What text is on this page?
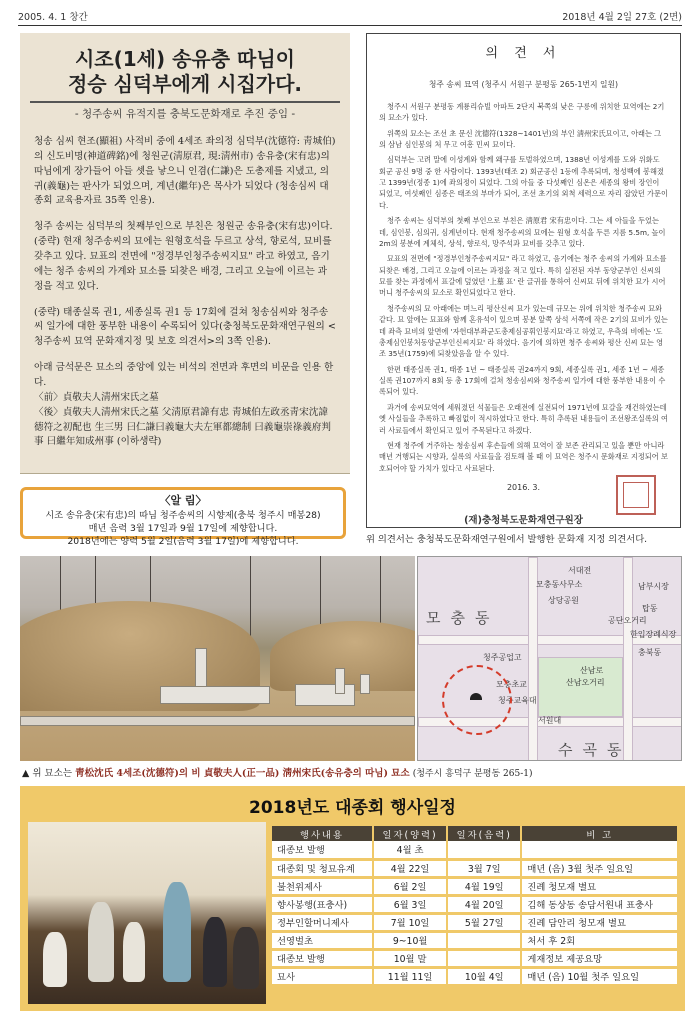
2005. 4. 1 창간	2018년 4월 2일 27호 (2면)
시조(1세) 송유충 따님이
정승 심덕부에게 시집가다.
- 청주송씨 유적지를 충북도문화재로 추진 중임 -

청송 심씨 현조(顯祖) 사적비 중에 4세조 좌의정 심덕부(沈德符: 靑城伯)의 신도비명(神道碑銘)에 청원군(淸原君, 現:淸州市) 송유충(宋有忠)의 따님에게 장가들어 아들 셋을 낳으니 인겸(仁謙)은 도총제를 지냈고, 의귀(義龜)는 판사가 되었으며, 계년(繼年)은 목사가 되었다 (청송심씨 대종회 교육용자료 35쪽 인용).

청주 송씨는 심덕부의 첫째부인으로 부친은 청원군 송유충(宋有忠)이다. (중략) 현재 청주송씨의 묘에는 원형호석을 두르고 상석, 향로석, 묘비를 갖추고 있다. 묘표의 전면에 "정경부인청주송씨지묘" 라고 하였고, 음기에는 청주 송씨의 가계와 묘소를 되찾은 배경, 그리고 오늘에 이르는 과정을 적고 있다.

(중략) 태종실록 권1, 세종실록 권1 등 17회에 걸쳐 청송심씨와 청주송씨 일가에 대한 풍부한 내용이 수록되어 있다(충청북도문화재연구원의 <청주송씨 묘역 문화재지정 및 보호 의견서>의 3쪽 인용).

아래 금석문은 묘소의 중앙에 있는 비석의 전면과 후면의 비문을 인용 한다.

〈前〉貞敬夫人淸州宋氏之墓

〈後〉貞敬夫人淸州宋氏之墓 父淸原君諱有忠 靑城伯左政丞靑宋沈諱德符之初配也 生三男 曰仁謙曰義龜大夫左軍都總制 曰義龜崇祿義府判事 曰繼年知成州事 (이하생략)

〈알 림〉
시조 송유충(宋有忠)의 따님 청주송씨의 시향제(충북 청주시 매봉28)
매년 음력 3월 17일과 9월 17일에 제향합니다.
2018년에는 양력 5월 2일(음력 3월 17일)에 제향합니다.
의 견 서
청주 송씨 묘역 (청주시 서원구 분평동 265-1번지 일원)

청주시 서원구 분평동 계룡리슈빌 아파트 2단지 북쪽의 낮은 구릉에 위치한 묘역에는 2기의 묘소가 있다.

위쪽의 묘소는 조선 초 문신 沈德符(1328~1401년)의 부인 淸州宋氏묘이고, 아래는 그의 삼남 심인봉의 처 무고 여흥 민씨 묘이다.

심덕부는 고려 말에 이성계와 함께 왜구를 토벌하였으며, 1388년 이성계를 도와 위화도 회군 공신 9명 중 한 사람이다. 1393년(태조 2) 회군공신 1등에 추록되며, 청성백에 봉해졌고 1399년(정종 1)에 좌의정이 되었다. 그의 아들 중 다섯째인 심온은 세종의 왕비 장인이 되었고, 여섯째인 심종은 태조의 부마가 되어, 조선 초기의 외척 세력으로 자리 잡았던 가문이다.

청주 송씨는 심덕부의 첫째 부인으로 부친은 淸原君 宋有忠이다. 그는 세 아들을 두었는데, 심인봉, 심의귀, 심계년이다. 현재 청주송씨의 묘에는 원형 호석을 두른 지름 5.5m, 높이 2m의 봉분에 계체석, 상석, 향로석, 망주석과 묘비를 갖추고 있다.

묘표의 전면에 "정경부인청주송씨지묘" 라고 하였고, 음기에는 청주 송씨의 가계와 묘소를 되찾은 배경, 그리고 오늘에 이르는 과정을 적고 있다. 특히 실전된 자부 동양군부인 신씨의 묘를 찾는 과정에서 표갈에 덮였던 '上墓 표' 란 글귀를 통하여 신씨묘 뒤에 위치한 묘가 시어머니 청주송씨의 묘소로 확인되었다고 한다.

청주송씨의 묘 아래에는 며느리 평산신씨 묘가 있는데 규모는 위에 위치한 청주송씨 묘와 같다. 묘 앞에는 묘표와 함께 혼유석이 있으며 봉분 앞쪽 상석 서쪽에 작은 2기의 묘비가 있는데 좌측 묘비의 앞면에 '자헌대부좌군도총제심공휘인봉지묘'라고 하였고, 우측의 비에는 '도총제심인봉처동양군부인신씨지묘' 라 하였다. 음기에 의하면 청주 송씨와 평산 신씨 묘는 영조 35년(1759)에 되찾았음을 알 수 있다.

한편 태종실록 권1, 태종 1년 ~ 태종실록 권24까지 9회, 세종실록 권1, 세종 1년 ~ 세종실록 권107까지 8회 등 총 17회에 걸쳐 청송심씨와 청주송씨 일가에 대한 풍부한 내용이 수록되어 있다.

과거에 송씨묘역에 세워졌던 석물들은 오래전에 실전되어 1971년에 묘갈을 재건하였는데 옛 사실들을 추록하고 빠짐없이 적시하였다고 한다. 특히 추록된 내용들이 조선왕조실록의 여러 사료들에서 확인되고 있어 주목된다고 하겠다.

현재 청주에 거주하는 청송심씨 후손들에 의해 묘역이 잘 보존 관리되고 있을 뿐만 아니라 매년 거행되는 시향과, 실록의 사료들을 검토해 볼 때 이 묘역은 청주시 문화재로 지정되어 보호되어야 할 가치가 있다고 사료된다.

2016. 3.
(재)충청북도문화재연구원장
위 의견서는 충청북도문화재연구원에서 발행한 문화재 지정 의견서다.
모충동
서대전
모충동사무소
청주공업고
공단오거리
탑동
수곡동
남부시장
충북동
산남로
산남오거리
청주교육대
상당공원
서원대
모충초교
한입장례식장
▲ 위 묘소는 靑松沈氏 4세조(沈德符)의 비 貞敬夫人(正一品) 淸州宋氏(송유충의 따님) 묘소 (청주시 흥덕구 분평동 265-1)
2018년도 대종회 행사일정
행사내용	일자(양력)	일자(음력)	비 고
대종보 발행	4월 초		
대종회 및 청묘유계	4월 22일	3월 7일	매년 (음) 3월 첫주 일요일
불천위제사	6월 2일	4월 19일	진례 청모재 별묘
향사봉행(표충사)	6월 3일	4월 20일	김해 동상동 송담서원내 표충사
정부인할머니제사	7월 10일	5월 27일	진례 담안리 청모재 별묘
선영벌초	9~10월		처서 후 2회
대종보 발행	10월 말		게재정보 제공요망
묘사	11월 11일	10월 4일	매년 (음) 10월 첫주 일요일
